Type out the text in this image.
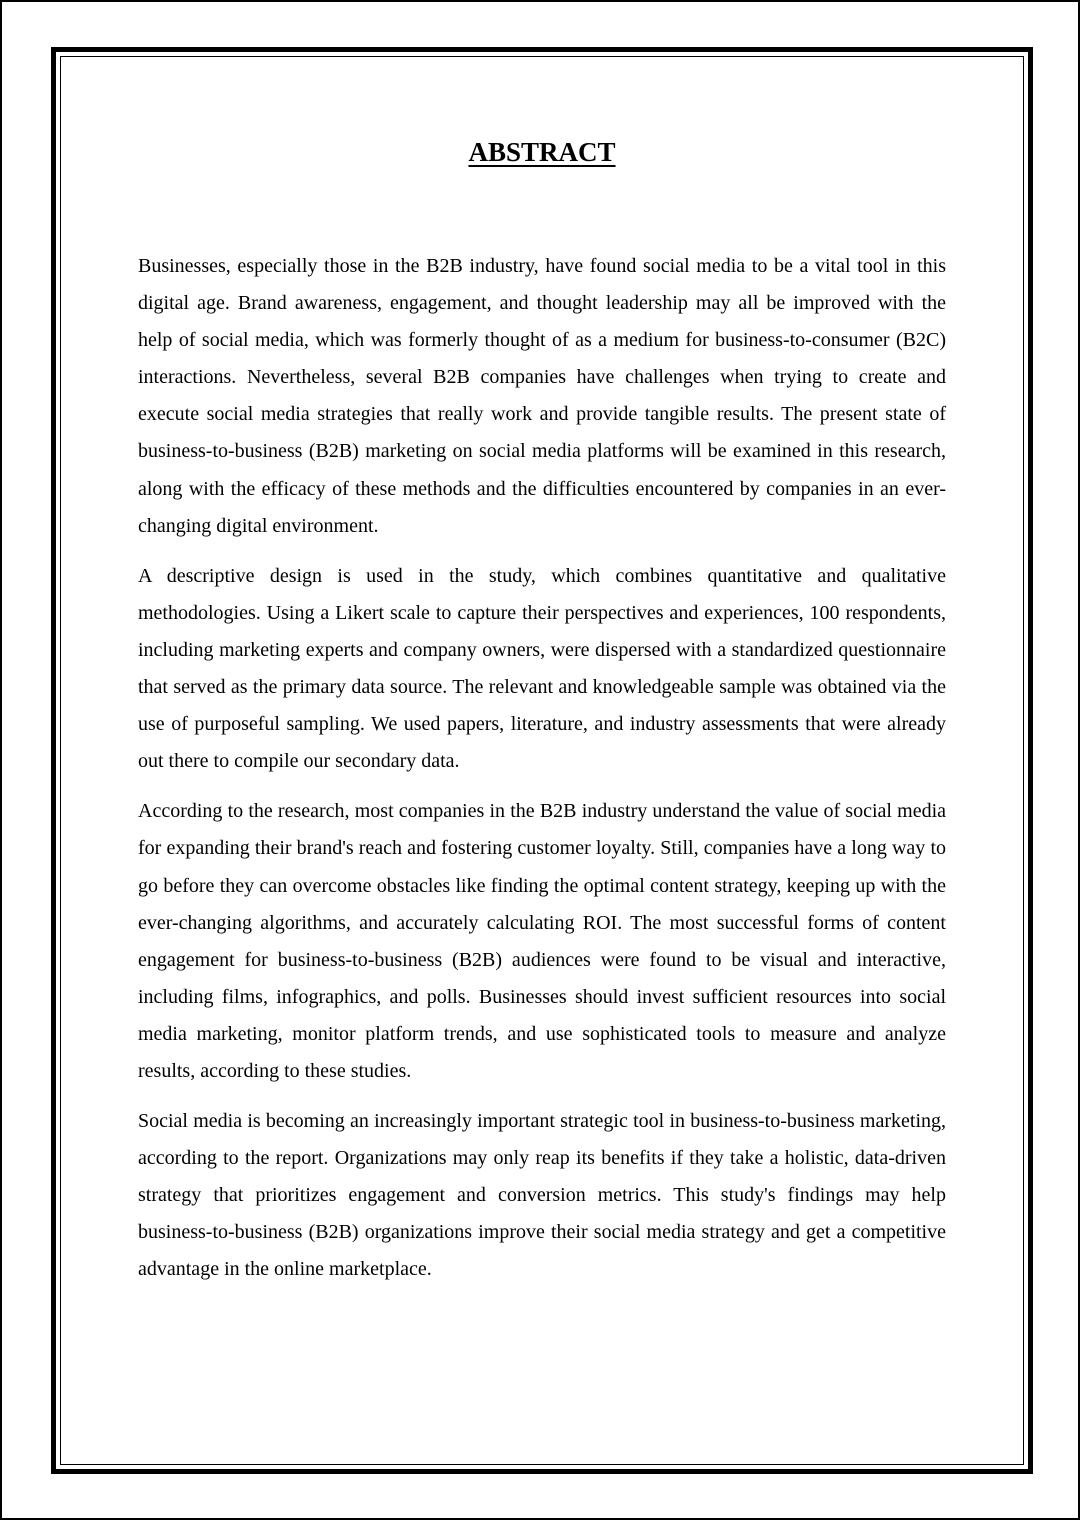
ABSTRACT

Businesses, especially those in the B2B industry, have found social media to be a vital tool in this digital age. Brand awareness, engagement, and thought leadership may all be improved with the help of social media, which was formerly thought of as a medium for business-to-consumer (B2C) interactions. Nevertheless, several B2B companies have challenges when trying to create and execute social media strategies that really work and provide tangible results. The present state of business-to-business (B2B) marketing on social media platforms will be examined in this research, along with the efficacy of these methods and the difficulties encountered by companies in an ever-changing digital environment.

A descriptive design is used in the study, which combines quantitative and qualitative methodologies. Using a Likert scale to capture their perspectives and experiences, 100 respondents, including marketing experts and company owners, were dispersed with a standardized questionnaire that served as the primary data source. The relevant and knowledgeable sample was obtained via the use of purposeful sampling. We used papers, literature, and industry assessments that were already out there to compile our secondary data.

According to the research, most companies in the B2B industry understand the value of social media for expanding their brand's reach and fostering customer loyalty. Still, companies have a long way to go before they can overcome obstacles like finding the optimal content strategy, keeping up with the ever-changing algorithms, and accurately calculating ROI. The most successful forms of content engagement for business-to-business (B2B) audiences were found to be visual and interactive, including films, infographics, and polls. Businesses should invest sufficient resources into social media marketing, monitor platform trends, and use sophisticated tools to measure and analyze results, according to these studies.

Social media is becoming an increasingly important strategic tool in business-to-business marketing, according to the report. Organizations may only reap its benefits if they take a holistic, data-driven strategy that prioritizes engagement and conversion metrics. This study's findings may help business-to-business (B2B) organizations improve their social media strategy and get a competitive advantage in the online marketplace.
